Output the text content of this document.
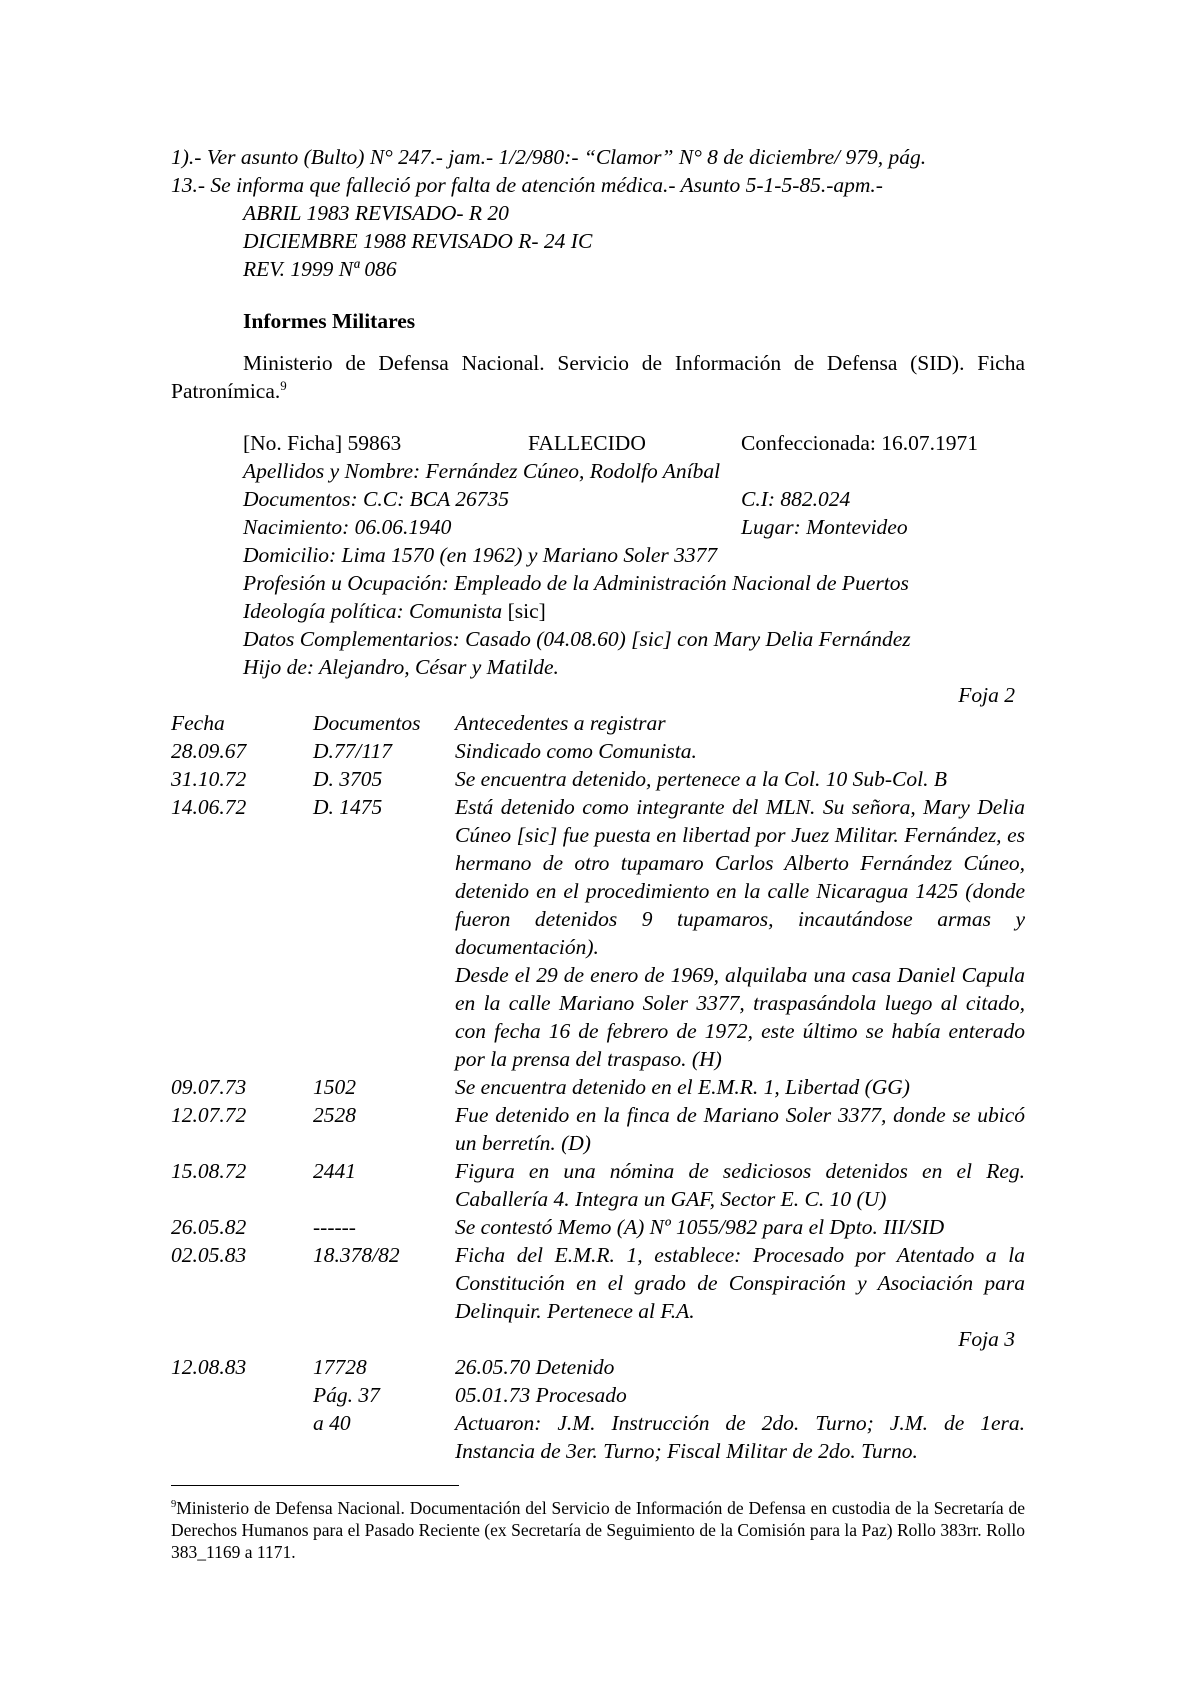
1).- Ver asunto (Bulto) N° 247.- jam.- 1/2/980:- “Clamor” N° 8 de diciembre/ 979, pág.

13.- Se informa que falleció por falta de atención médica.- Asunto 5-1-5-85.-apm.-

ABRIL 1983 REVISADO- R 20

DICIEMBRE 1988 REVISADO R- 24 IC

REV. 1999 Nª 086

Informes Militares

Ministerio de Defensa Nacional. Servicio de Información de Defensa (SID). Ficha Patronímica.$^9$

[No. Ficha] 59863	FALLECIDO	Confeccionada: 16.07.1971

Apellidos y Nombre: Fernández Cúneo, Rodolfo Aníbal

Documentos: C.C: BCA 26735	C.I: 882.024
Nacimiento: 06.06.1940	Lugar: Montevideo

Domicilio: Lima 1570 (en 1962) y Mariano Soler 3377

Profesión u Ocupación: Empleado de la Administración Nacional de Puertos

Ideología política: Comunista [sic]

Datos Complementarios: Casado (04.08.60) [sic] con Mary Delia Fernández

Hijo de: Alejandro, César y Matilde.

Foja 2

Fecha	Documentos	Antecedentes a registrar
28.09.67	D.77/117	Sindicado como Comunista.
31.10.72	D. 3705	Se encuentra detenido, pertenece a la Col. 10 Sub-Col. B
14.06.72	D. 1475	Está detenido como integrante del MLN. Su señora, Mary Delia Cúneo [sic] fue puesta en libertad por Juez Militar. Fernández, es hermano de otro tupamaro Carlos Alberto Fernández Cúneo, detenido en el procedimiento en la calle Nicaragua 1425 (donde fueron detenidos 9 tupamaros, incautándose armas y documentación).
		Desde el 29 de enero de 1969, alquilaba una casa Daniel Capula en la calle Mariano Soler 3377, traspasándola luego al citado, con fecha 16 de febrero de 1972, este último se había enterado por la prensa del traspaso. (H)
09.07.73	1502	Se encuentra detenido en el E.M.R. 1, Libertad (GG)
12.07.72	2528	Fue detenido en la finca de Mariano Soler 3377, donde se ubicó un berretín. (D)
15.08.72	2441	Figura en una nómina de sediciosos detenidos en el Reg. Caballería 4. Integra un GAF, Sector E. C. 10 (U)
26.05.82	------	Se contestó Memo (A) Nº 1055/982 para el Dpto. III/SID
02.05.83	18.378/82	Ficha del E.M.R. 1, establece: Procesado por Atentado a la Constitución en el grado de Conspiración y Asociación para Delinquir. Pertenece al F.A.

Foja 3

12.08.83	17728	26.05.70 Detenido
	Pág. 37	05.01.73 Procesado
	a 40	Actuaron: J.M. Instrucción de 2do. Turno; J.M. de 1era. Instancia de 3er. Turno; Fiscal Militar de 2do. Turno.
$^9$Ministerio de Defensa Nacional. Documentación del Servicio de Información de Defensa en custodia de la Secretaría de Derechos Humanos para el Pasado Reciente (ex Secretaría de Seguimiento de la Comisión para la Paz) Rollo 383rr. Rollo 383_1169 a 1171.
